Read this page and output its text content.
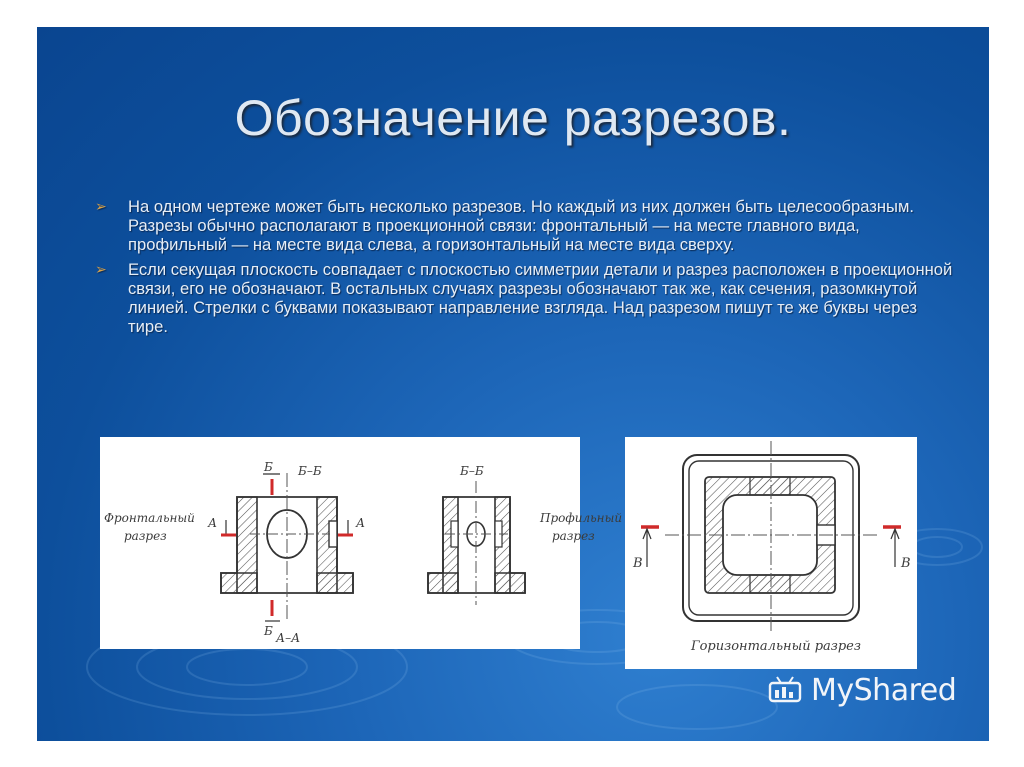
Обозначение разрезов.
➢ На одном чертеже может быть несколько разрезов. Но каждый из них должен быть целесообразным. Разрезы обычно располагают в проекционной связи: фронтальный — на месте главного вида, профильный — на месте вида слева, а горизонтальный на месте вида сверху.
➢ Если секущая плоскость совпадает с плоскостью симметрии детали и разрез расположен в проекционной связи, его не обозначают. В остальных случаях разрезы обозначают так же, как сечения, разомкнутой линией. Стрелки с буквами показывают направление взгляда. Над разрезом пишут те же буквы через тире.
Фронтальный
разрез
Б
Б
А	А
Б–Б
А–А
Б–Б
Профильный
разрез
В	В
Горизонтальный разрез
MyShared
